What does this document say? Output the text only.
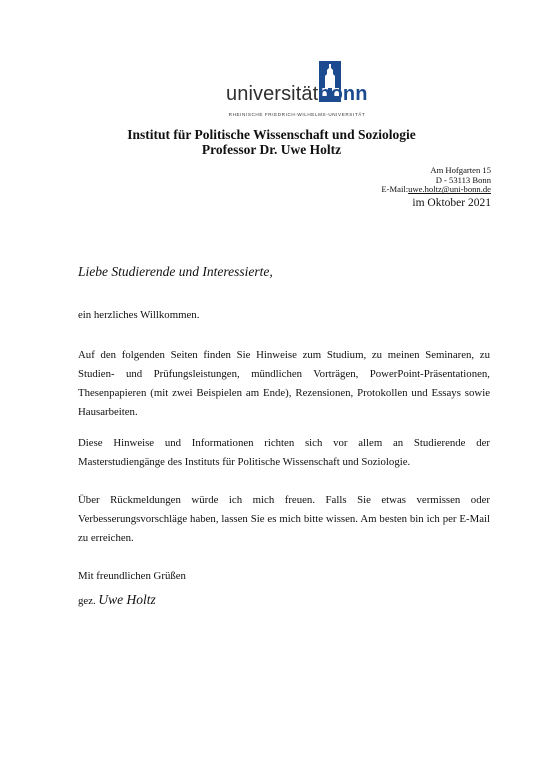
universitätbonn
RHEINISCHE FRIEDRICH-WILHELMS-UNIVERSITÄT
Institut für Politische Wissenschaft und Soziologie
Professor Dr. Uwe Holtz
Am Hofgarten 15
D - 53113 Bonn
E-Mail:uwe.holtz@uni-bonn.de
im Oktober 2021
Liebe Studierende und Interessierte,

ein herzliches Willkommen.

Auf den folgenden Seiten finden Sie Hinweise zum Studium, zu meinen Seminaren, zu Studien- und Prüfungsleistungen, mündlichen Vorträgen, PowerPoint-Präsentationen, Thesenpapieren (mit zwei Beispielen am Ende), Rezensionen, Protokollen und Essays sowie Hausarbeiten.

Diese Hinweise und Informationen richten sich vor allem an Studierende der Masterstudiengänge des Instituts für Politische Wissenschaft und Soziologie.

Über Rückmeldungen würde ich mich freuen. Falls Sie etwas vermissen oder Verbesserungsvorschläge haben, lassen Sie es mich bitte wissen. Am besten bin ich per E-Mail zu erreichen.

Mit freundlichen Grüßen
gez. Uwe Holtz
